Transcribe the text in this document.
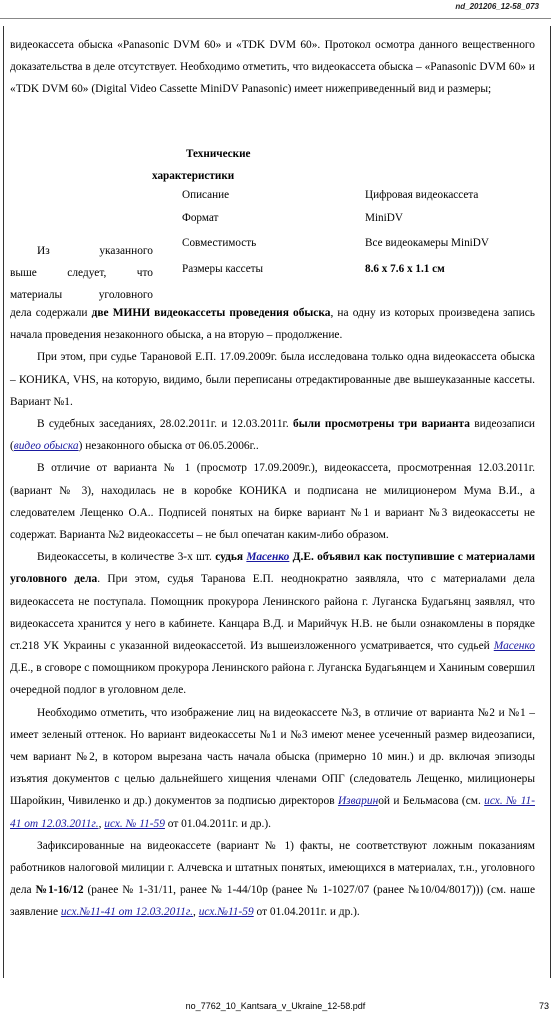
nd_201206_12-58_073

видеокассета обыска «Panasonic DVM 60» и «TDK DVM 60». Протокол осмотра данного вещественного доказательства в деле отсутствует. Необходимо отметить, что видеокассета обыска – «Panasonic DVM 60» и «TDK DVM 60» (Digital Video Cassette MiniDV Panasonic) имеет нижеприведенный вид и размеры;

Технические
характеристики
Описание	Цифровая видеокассета
Формат	MiniDV
Совместимость	Все видеокамеры MiniDV
Размеры кассеты	8.6 x 7.6 x 1.1 см
Из	указанного
выше	следует,	что
материалы	уголовного

дела содержали две МИНИ видеокассеты проведения обыска, на одну из которых произведена запись начала проведения незаконного обыска, а на вторую – продолжение.

При этом, при судье Тарановой Е.П. 17.09.2009г. была исследована только одна видеокассета обыска – КОНИКА, VHS, на которую, видимо, были переписаны отредактированные две вышеуказанные кассеты. Вариант №1.

В судебных заседаниях, 28.02.2011г. и 12.03.2011г. были просмотрены три варианта видеозаписи (видео обыска) незаконного обыска от 06.05.2006г..

В отличие от варианта № 1 (просмотр 17.09.2009г.), видеокассета, просмотренная 12.03.2011г. (вариант № 3), находилась не в коробке КОНИКА и подписана не милиционером Мума В.И., а следователем Лещенко О.А.. Подписей понятых на бирке вариант №1 и вариант №3 видеокассеты не содержат. Варианта №2 видеокассеты – не был опечатан каким-либо образом.

Видеокассеты, в количестве 3-х шт. судья Масенко Д.Е. объявил как поступившие с материалами уголовного дела. При этом, судья Таранова Е.П. неоднократно заявляла, что с материалами дела видеокассета не поступала. Помощник прокурора Ленинского района г. Луганска Будагьянц заявлял, что видеокассета хранится у него в кабинете. Канцара В.Д. и Марийчук Н.В. не были ознакомлены в порядке ст.218 УК Украины с указанной видеокассетой. Из вышеизложенного усматривается, что судьей Масенко Д.Е., в сговоре с помощником прокурора Ленинского района г. Луганска Будагьянцем и Ханиным совершил очередной подлог в уголовном деле.

Необходимо отметить, что изображение лиц на видеокассете №3, в отличие от варианта №2 и №1 – имеет зеленый оттенок. Но вариант видеокассеты №1 и №3 имеют менее усеченный размер видеозаписи, чем вариант №2, в котором вырезана часть начала обыска (примерно 10 мин.) и др. включая эпизоды изъятия документов с целью дальнейшего хищения членами ОПГ (следователь Лещенко, милиционеры Шаройкин, Чивиленко и др.) документов за подписью директоров Извариной и Бельмасова (см. исх. № 11-41 от 12.03.2011г., исх. № 11-59 от 01.04.2011г. и др.).

Зафиксированные на видеокассете (вариант № 1) факты, не соответствуют ложным показаниям работников налоговой милиции г. Алчевска и штатных понятых, имеющихся в материалах, т.н., уголовного дела №1-16/12 (ранее № 1-31/11, ранее № 1-44/10р (ранее № 1-1027/07 (ранее №10/04/8017))) (см. наше заявление исх.№11-41 от 12.03.2011г., исх.№11-59 от 01.04.2011г. и др.).

no_7762_10_Kantsara_v_Ukraine_12-58.pdf	73
